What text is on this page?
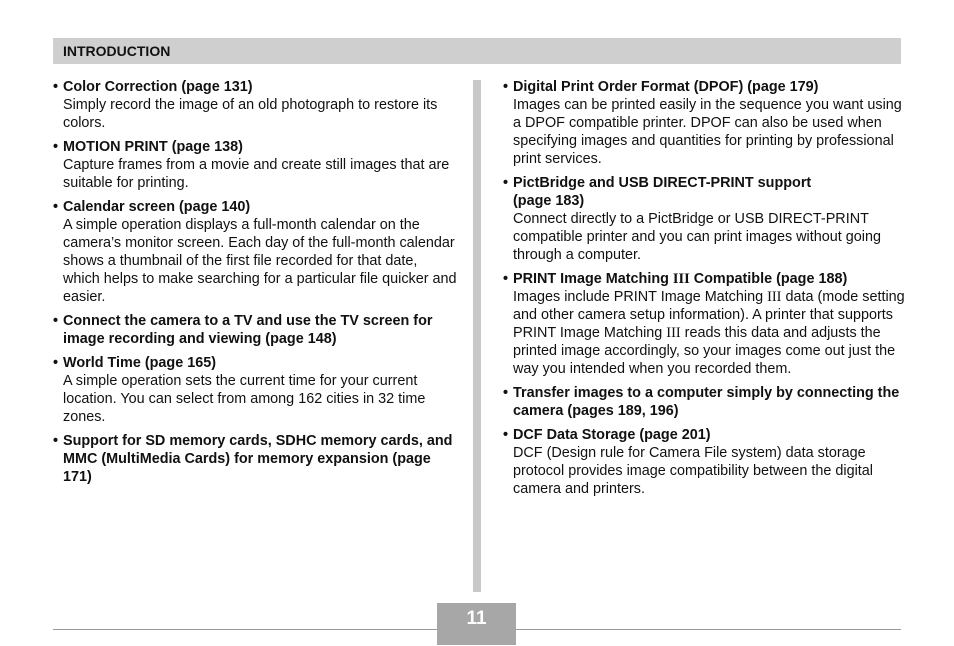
INTRODUCTION
• Color Correction (page 131)
Simply record the image of an old photograph to restore its colors.
• MOTION PRINT (page 138)
Capture frames from a movie and create still images that are suitable for printing.
• Calendar screen (page 140)
A simple operation displays a full-month calendar on the camera’s monitor screen. Each day of the full-month calendar shows a thumbnail of the first file recorded for that date, which helps to make searching for a particular file quicker and easier.
• Connect the camera to a TV and use the TV screen for image recording and viewing (page 148)
• World Time (page 165)
A simple operation sets the current time for your current location. You can select from among 162 cities in 32 time zones.
• Support for SD memory cards, SDHC memory cards, and MMC (MultiMedia Cards) for memory expansion (page 171)
• Digital Print Order Format (DPOF) (page 179)
Images can be printed easily in the sequence you want using a DPOF compatible printer. DPOF can also be used when specifying images and quantities for printing by professional print services.
• PictBridge and USB DIRECT-PRINT support
(page 183)
Connect directly to a PictBridge or USB DIRECT-PRINT compatible printer and you can print images without going through a computer.
• PRINT Image Matching III Compatible (page 188)
Images include PRINT Image Matching III data (mode setting and other camera setup information). A printer that supports PRINT Image Matching III reads this data and adjusts the printed image accordingly, so your images come out just the way you intended when you recorded them.
• Transfer images to a computer simply by connecting the camera (pages 189, 196)
• DCF Data Storage (page 201)
DCF (Design rule for Camera File system) data storage protocol provides image compatibility between the digital camera and printers.
11
